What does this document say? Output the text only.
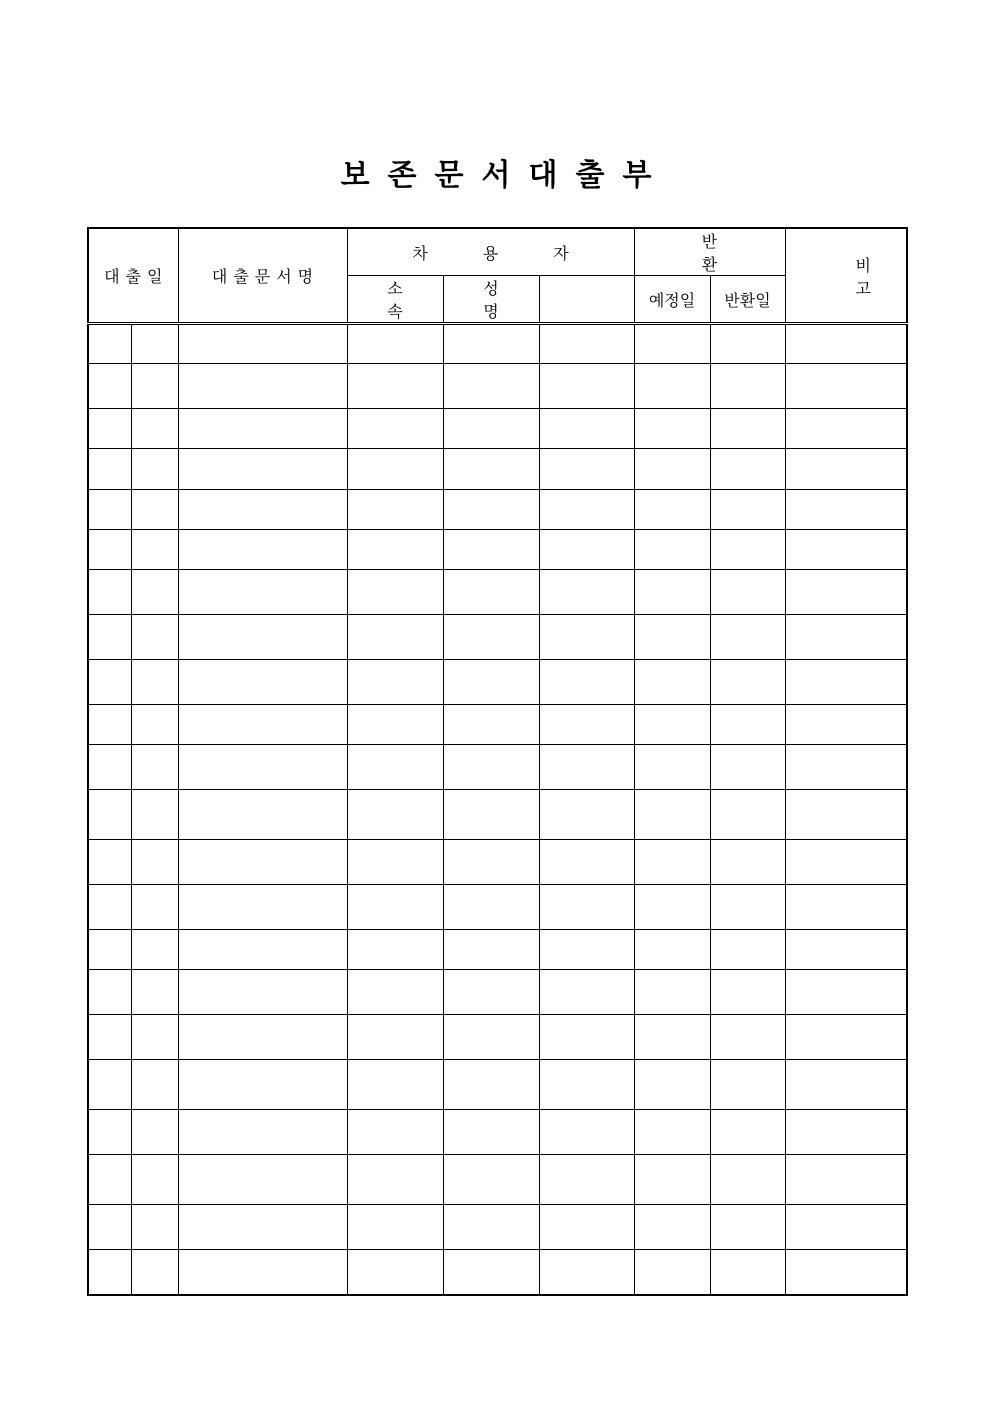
보존문서대출부
대출일		대출문서명	차용자			반환		비고
			소속	성명		예정일	반환일	
